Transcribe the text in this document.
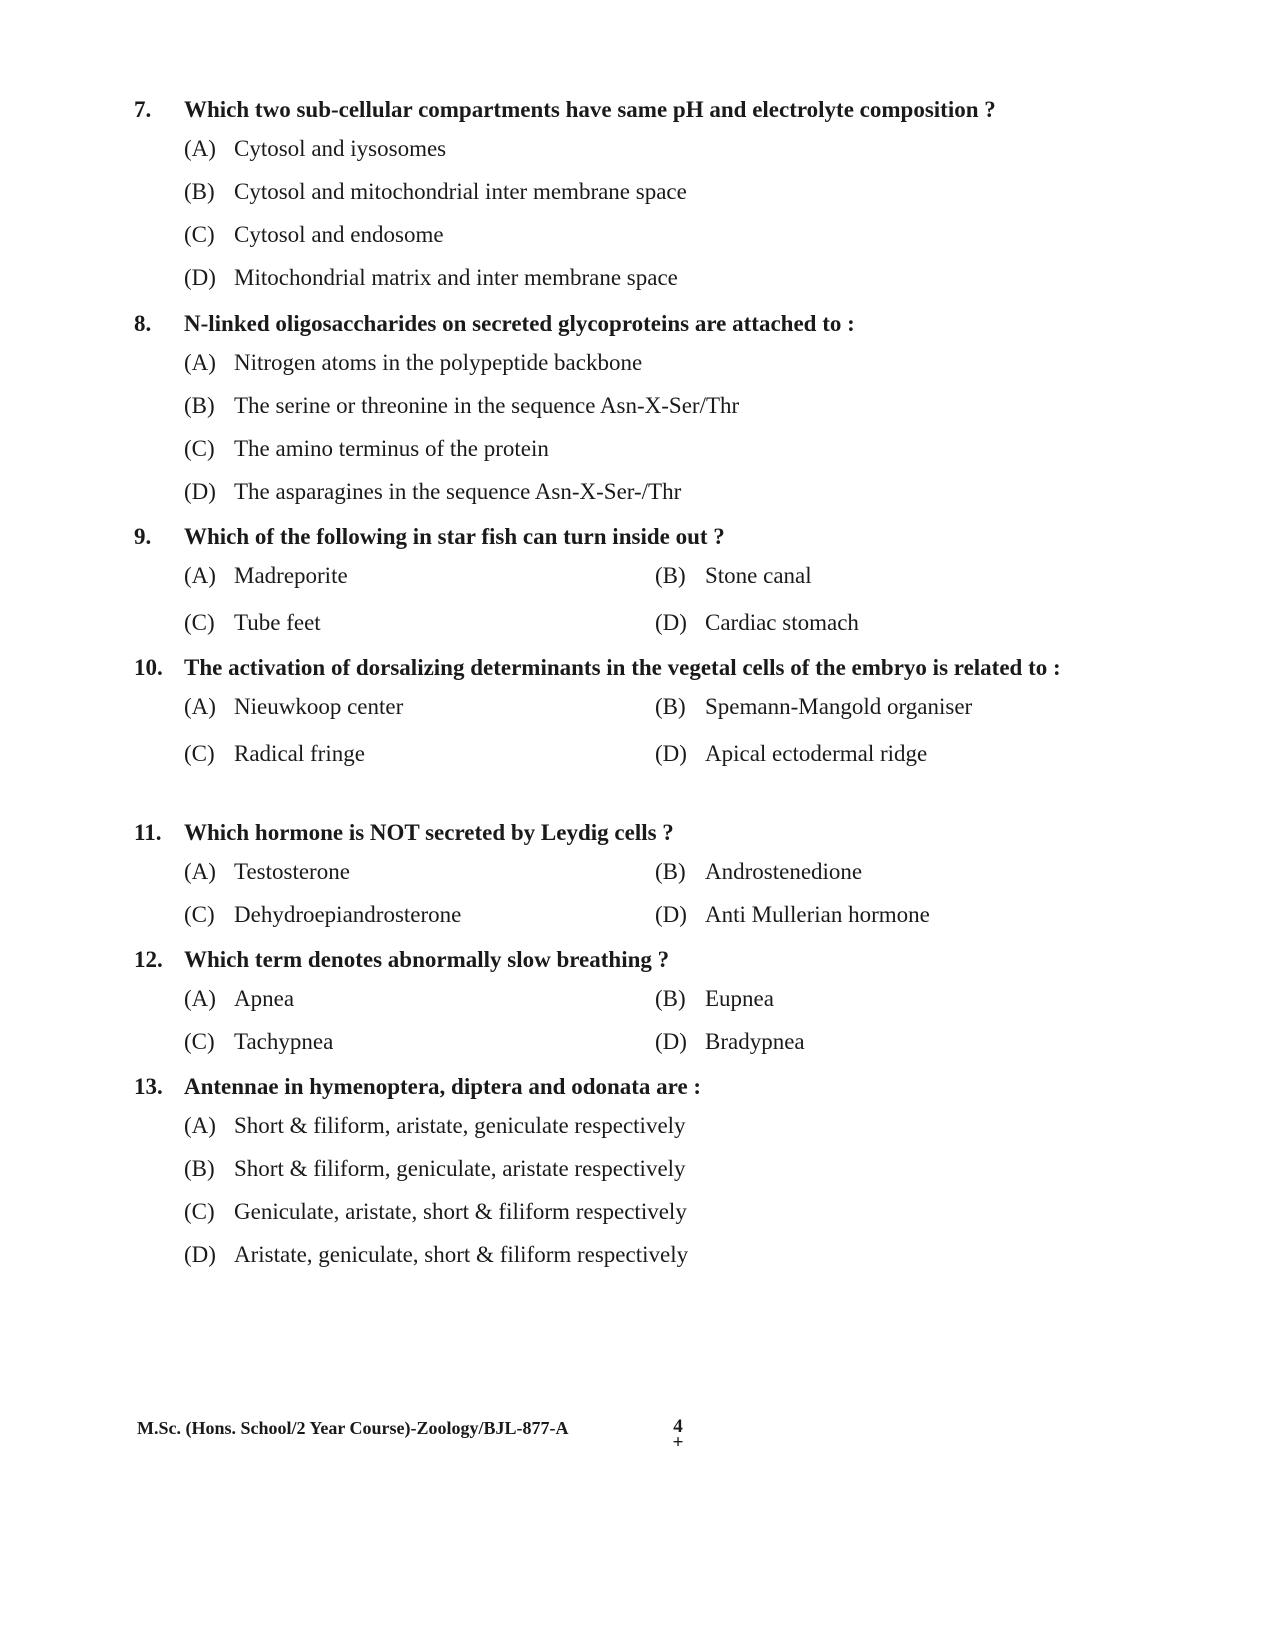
7.	Which two sub-cellular compartments have same pH and electrolyte composition ?
(A) Cytosol and iysosomes
(B) Cytosol and mitochondrial inter membrane space
(C) Cytosol and endosome
(D) Mitochondrial matrix and inter membrane space
8.	N-linked oligosaccharides on secreted glycoproteins are attached to :
(A) Nitrogen atoms in the polypeptide backbone
(B) The serine or threonine in the sequence Asn-X-Ser/Thr
(C) The amino terminus of the protein
(D) The asparagines in the sequence Asn-X-Ser-/Thr
9.	Which of the following in star fish can turn inside out ?
(A) Madreporite	(B) Stone canal
(C) Tube feet	(D) Cardiac stomach
10. The activation of dorsalizing determinants in the vegetal cells of the embryo is related to :
(A) Nieuwkoop center	(B) Spemann-Mangold organiser
(C) Radical fringe	(D) Apical ectodermal ridge
11. Which hormone is NOT secreted by Leydig cells ?
(A) Testosterone	(B) Androstenedione
(C) Dehydroepiandrosterone	(D) Anti Mullerian hormone
12. Which term denotes abnormally slow breathing ?
(A) Apnea	(B) Eupnea
(C) Tachypnea	(D) Bradypnea
13. Antennae in hymenoptera, diptera and odonata are :
(A) Short & filiform, aristate, geniculate respectively
(B) Short & filiform, geniculate, aristate respectively
(C) Geniculate, aristate, short & filiform respectively
(D) Aristate, geniculate, short & filiform respectively
M.Sc. (Hons. School/2 Year Course)-Zoology/BJL-877-A	4
+
